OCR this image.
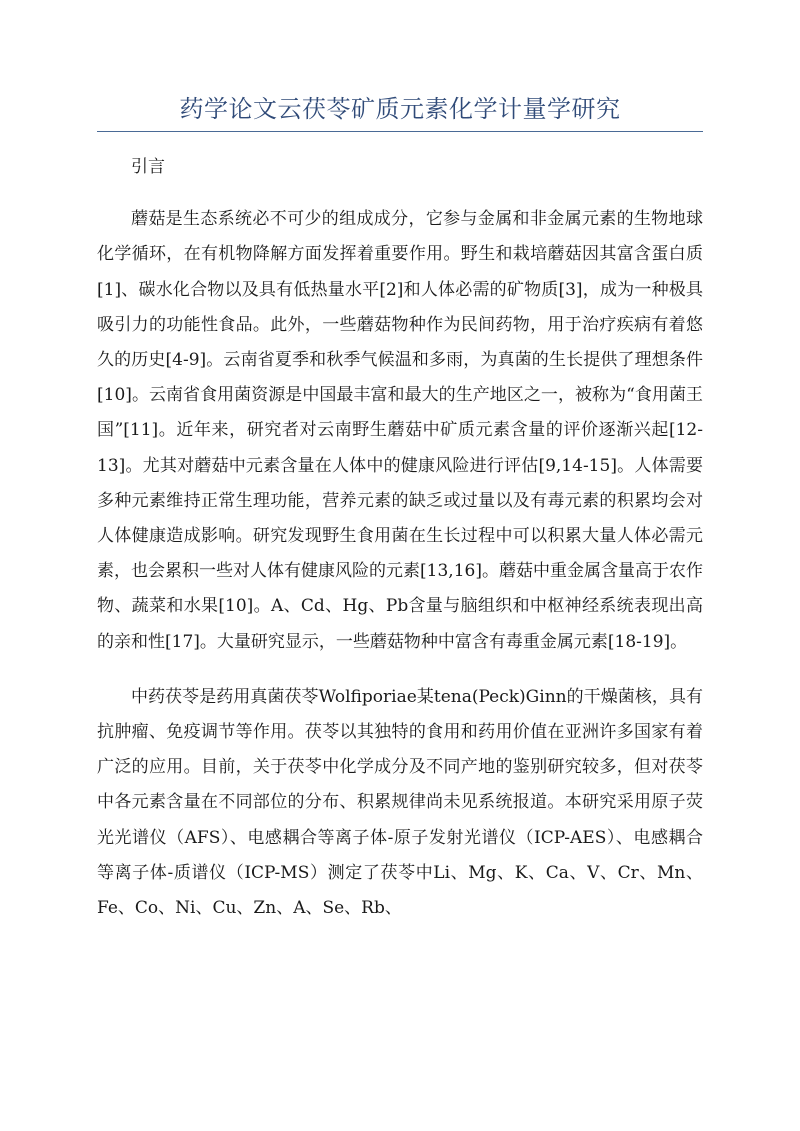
药学论文云茯苓矿质元素化学计量学研究

引言

蘑菇是生态系统必不可少的组成成分，它参与金属和非金属元素的生物地球化学循环，在有机物降解方面发挥着重要作用。野生和栽培蘑菇因其富含蛋白质[1]、碳水化合物以及具有低热量水平[2]和人体必需的矿物质[3]，成为一种极具吸引力的功能性食品。此外，一些蘑菇物种作为民间药物，用于治疗疾病有着悠久的历史[4-9]。云南省夏季和秋季气候温和多雨，为真菌的生长提供了理想条件[10]。云南省食用菌资源是中国最丰富和最大的生产地区之一，被称为“食用菌王国”[11]。近年来，研究者对云南野生蘑菇中矿质元素含量的评价逐渐兴起[12-13]。尤其对蘑菇中元素含量在人体中的健康风险进行评估[9,14-15]。人体需要多种元素维持正常生理功能，营养元素的缺乏或过量以及有毒元素的积累均会对人体健康造成影响。研究发现野生食用菌在生长过程中可以积累大量人体必需元素，也会累积一些对人体有健康风险的元素[13,16]。蘑菇中重金属含量高于农作物、蔬菜和水果[10]。A、Cd、Hg、Pb含量与脑组织和中枢神经系统表现出高的亲和性[17]。大量研究显示，一些蘑菇物种中富含有毒重金属元素[18-19]。

中药茯苓是药用真菌茯苓Wolfiporiae某tena(Peck)Ginn的干燥菌核，具有抗肿瘤、免疫调节等作用。茯苓以其独特的食用和药用价值在亚洲许多国家有着广泛的应用。目前，关于茯苓中化学成分及不同产地的鉴别研究较多，但对茯苓中各元素含量在不同部位的分布、积累规律尚未见系统报道。本研究采用原子荧光光谱仪（AFS）、电感耦合等离子体-原子发射光谱仪（ICP-AES）、电感耦合等离子体-质谱仪（ICP-MS）测定了茯苓中Li、Mg、K、Ca、V、Cr、Mn、Fe、Co、Ni、Cu、Zn、A、Se、Rb、
